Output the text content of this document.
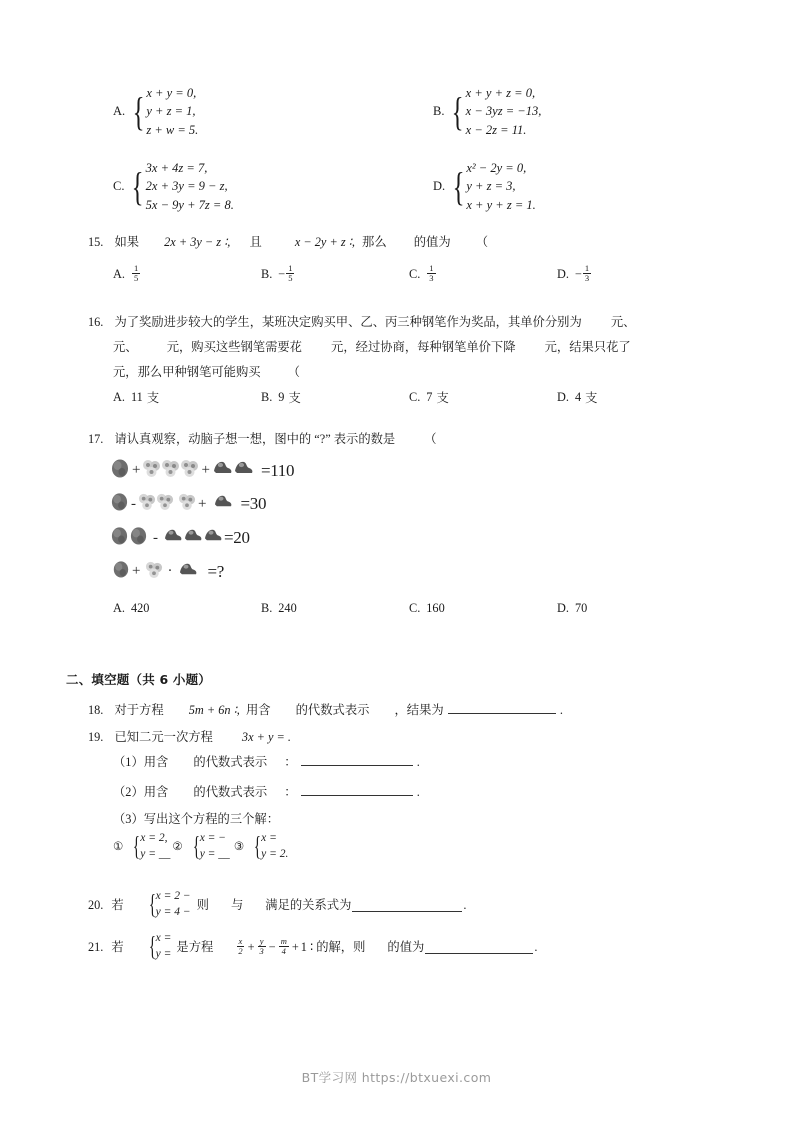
A. { x + y = 0,
y + z = 1,
z + w = 5.
B. { x + y + z = 0,
x − 3yz = −13,
x − 2z = 11.
C. { 3x + 4z = 7,
2x + 3y = 9 − z,
5x − 9y + 7z = 8.
D. { x² − 2y = 0,
y + z = 3,
x + y + z = 1.
15. 如果 2x + 3y − z ∶, 且	x − 2y + z ∶, 那么 的值为 （
A. $\frac{1}{5}$	B. − $\frac{1}{5}$	C. $\frac{1}{3}$	D. − $\frac{1}{3}$
16. 为了奖励进步较大的学生，某班决定购买甲、乙、丙三种钢笔作为奖品，其单价分别为 元、
元、 元，购买这些钢笔需要花 元，经过协商，每种钢笔单价下降 元，结果只花了
元，那么甲种钢笔可能购买 （
A. 11 支	B. 9 支	C. 7 支	D. 4 支
17. 请认真观察，动脑子想一想，图中的 “?” 表示的数是 （
+	+	=110
-	+ =30
-	=20
+ · =?
A. 420	B. 240	C. 160	D. 70
二、填空题（共 6 小题）
18. 对于方程 5m + 6n ∶, 用含 的代数式表示 ，结果为	.
19. 已知二元一次方程 3x + y = .
（1）用含 的代数式表示 ：	.
（2）用含 的代数式表示 ：	.
（3）写出这个方程的三个解：
① { x = 2,
y = __
② { x = −
y = __
③ { x =
y = 2.
20. 若 { x = 2 −
y = 4 − 则 与 满足的关系式为	.
21. 若 { x =
y = 是方程	$\frac{x}{2} + \frac{y}{3} - \frac{m}{4} + 1$ ∶ 的解，则 的值为	.
BT学习网 https://btxuexi.com
